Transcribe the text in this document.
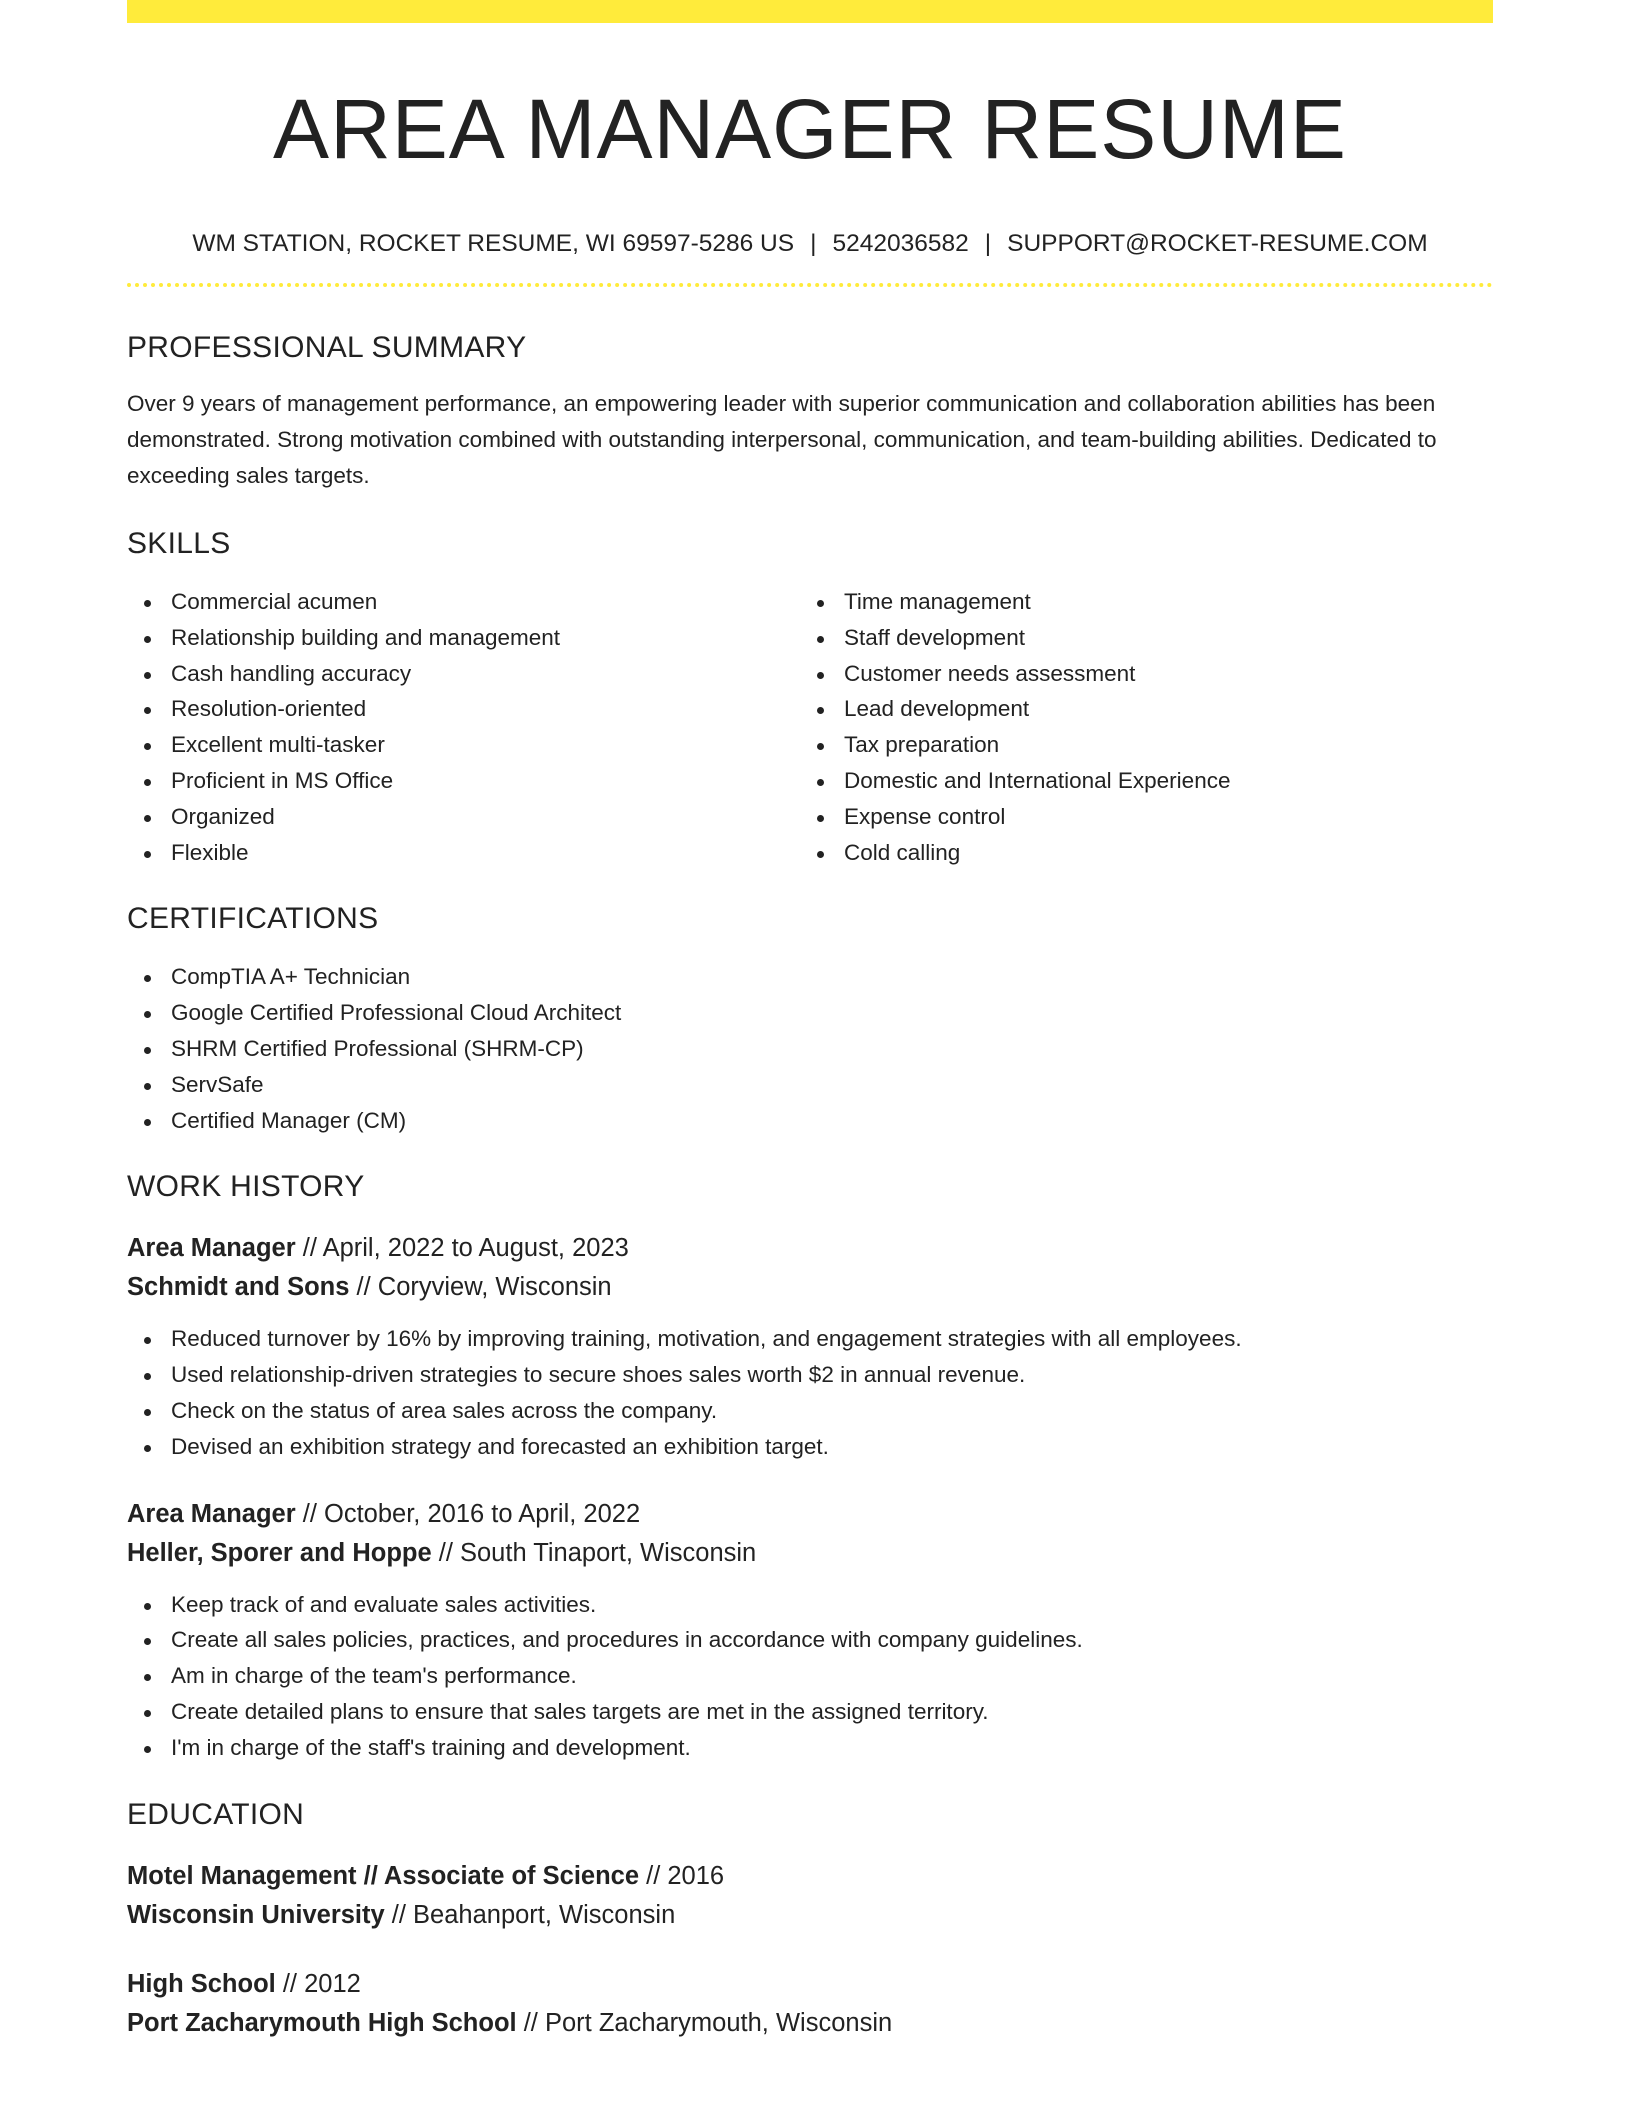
AREA MANAGER RESUME
WM STATION, ROCKET RESUME, WI 69597-5286 US | 5242036582 | SUPPORT@ROCKET-RESUME.COM
PROFESSIONAL SUMMARY

Over 9 years of management performance, an empowering leader with superior communication and collaboration abilities has been demonstrated. Strong motivation combined with outstanding interpersonal, communication, and team-building abilities. Dedicated to exceeding sales targets.

SKILLS
Commercial acumen
Relationship building and management
Cash handling accuracy
Resolution-oriented
Excellent multi-tasker
Proficient in MS Office
Organized
Flexible
Time management
Staff development
Customer needs assessment
Lead development
Tax preparation
Domestic and International Experience
Expense control
Cold calling
CERTIFICATIONS
CompTIA A+ Technician
Google Certified Professional Cloud Architect
SHRM Certified Professional (SHRM-CP)
ServSafe
Certified Manager (CM)
WORK HISTORY
Area Manager // April, 2022 to August, 2023
Schmidt and Sons // Coryview, Wisconsin
Reduced turnover by 16% by improving training, motivation, and engagement strategies with all employees.
Used relationship-driven strategies to secure shoes sales worth $2 in annual revenue.
Check on the status of area sales across the company.
Devised an exhibition strategy and forecasted an exhibition target.
Area Manager // October, 2016 to April, 2022
Heller, Sporer and Hoppe // South Tinaport, Wisconsin
Keep track of and evaluate sales activities.
Create all sales policies, practices, and procedures in accordance with company guidelines.
Am in charge of the team's performance.
Create detailed plans to ensure that sales targets are met in the assigned territory.
I'm in charge of the staff's training and development.
EDUCATION
Motel Management // Associate of Science // 2016
Wisconsin University // Beahanport, Wisconsin
High School // 2012
Port Zacharymouth High School // Port Zacharymouth, Wisconsin
